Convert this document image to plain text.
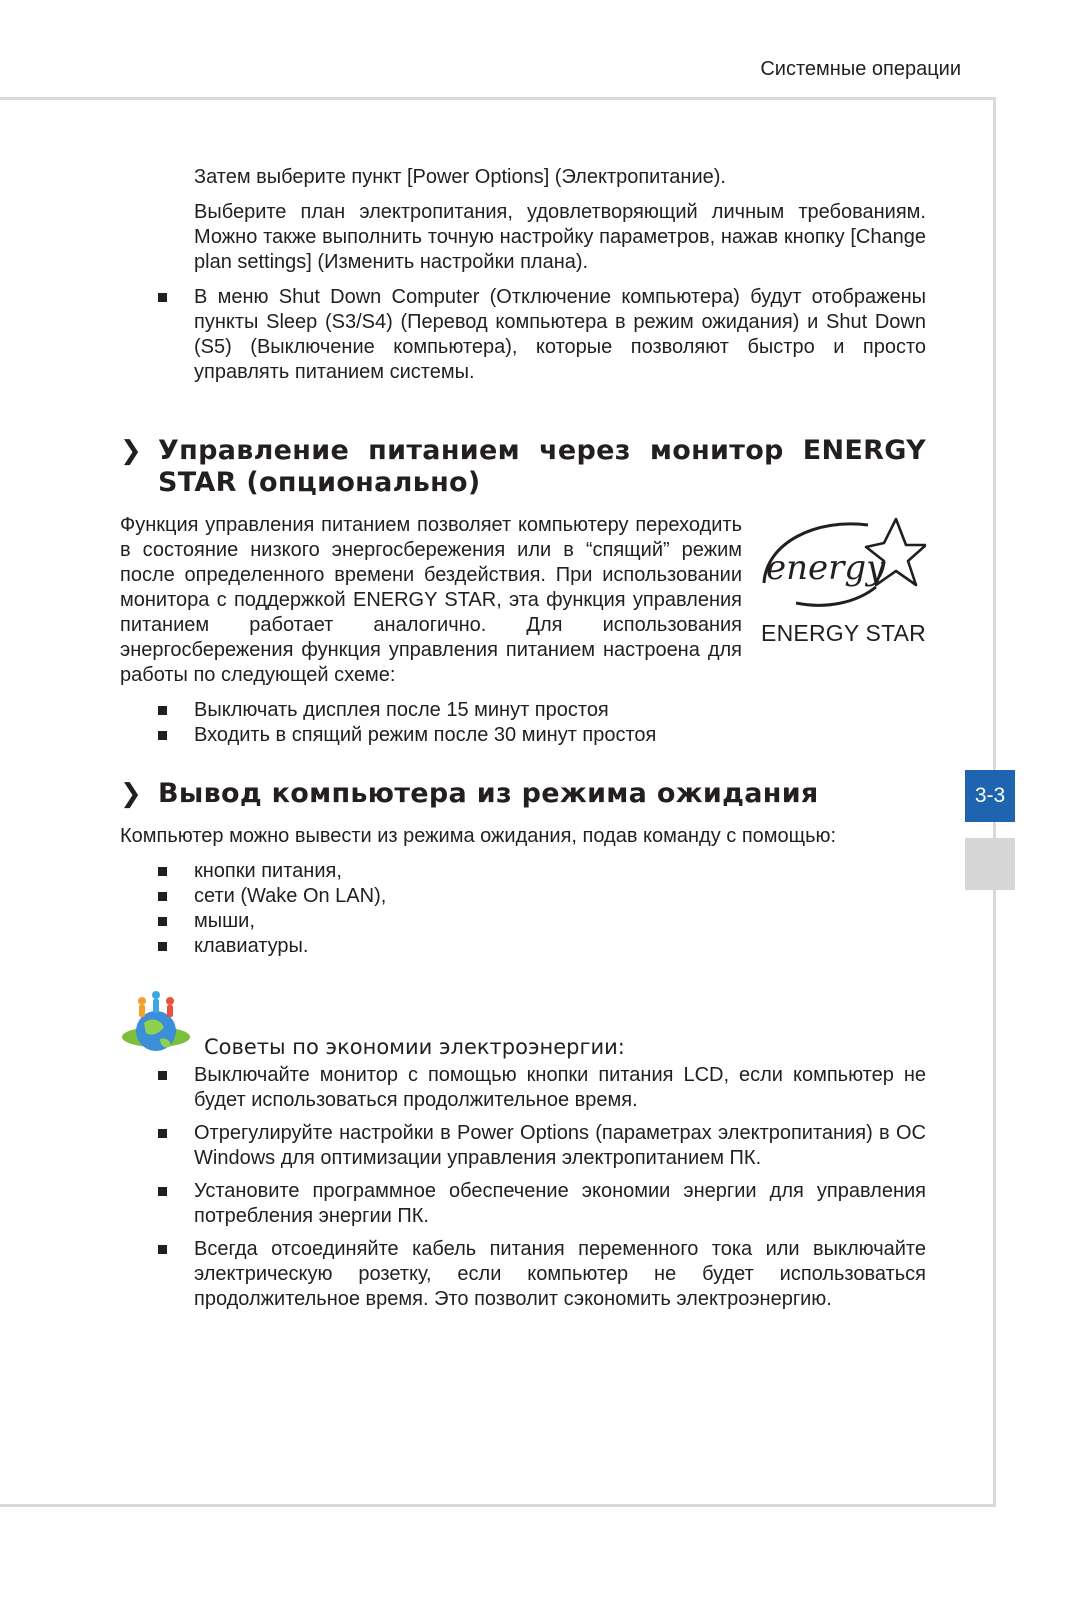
Системные операции
3-3

Затем выберите пункт [Power Options] (Электропитание).

Выберите план электропитания, удовлетворяющий личным требованиям. Можно также выполнить точную настройку параметров, нажав кнопку [Change plan settings] (Изменить настройки плана).

В меню Shut Down Computer (Отключение компьютера) будут отображены пункты Sleep (S3/S4) (Перевод компьютера в режим ожидания) и Shut Down (S5) (Выключение компьютера), которые позволяют быстро и просто управлять питанием системы.
❯ Управление питанием через монитор ENERGY STAR (опционально)

Функция управления питанием позволяет компьютеру переходить в состояние низкого энергосбережения или в “спящий” режим после определенного времени бездействия. При использовании монитора с поддержкой ENERGY STAR, эта функция управления питанием работает аналогично. Для использования энергосбережения функция управления питанием настроена для работы по следующей схеме:

energy
ENERGY STAR
Выключать дисплея после 15 минут простоя
Входить в спящий режим после 30 минут простоя
❯ Вывод компьютера из режима ожидания

Компьютер можно вывести из режима ожидания, подав команду с помощью:

кнопки питания,
сети (Wake On LAN),
мыши,
клавиатуры.
Советы по экономии электроэнергии:
Выключайте монитор с помощью кнопки питания LCD, если компьютер не будет использоваться продолжительное время.
Отрегулируйте настройки в Power Options (параметрах электропитания) в ОС Windows для оптимизации управления электропитанием ПК.
Установите программное обеспечение экономии энергии для управления потребления энергии ПК.
Всегда отсоединяйте кабель питания переменного тока или выключайте электрическую розетку, если компьютер не будет использоваться продолжительное время. Это позволит сэкономить электроэнергию.
